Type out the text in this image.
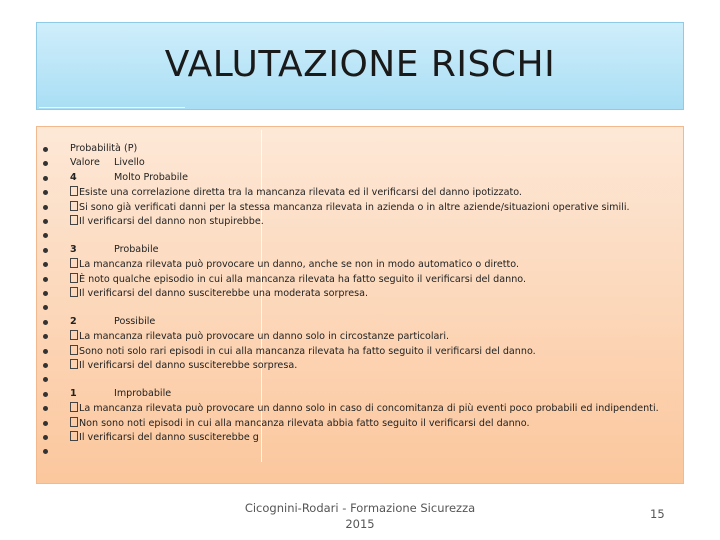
VALUTAZIONE RISCHI
Probabilità (P)
Valore Livello
4	Molto Probabile
Esiste una correlazione diretta tra la mancanza rilevata ed il verificarsi del danno ipotizzato.
Si sono già verificati danni per la stessa mancanza rilevata in azienda o in altre aziende/situazioni operative simili.
Il verificarsi del danno non stupirebbe.
3	Probabile
La mancanza rilevata può provocare un danno, anche se non in modo automatico o diretto.
È noto qualche episodio in cui alla mancanza rilevata ha fatto seguito il verificarsi del danno.
Il verificarsi del danno susciterebbe una moderata sorpresa.
2	Possibile
La mancanza rilevata può provocare un danno solo in circostanze particolari.
Sono noti solo rari episodi in cui alla mancanza rilevata ha fatto seguito il verificarsi del danno.
Il verificarsi del danno susciterebbe sorpresa.
1	Improbabile
La mancanza rilevata può provocare un danno solo in caso di concomitanza di più eventi poco probabili ed indipendenti.
Non sono noti episodi in cui alla mancanza rilevata abbia fatto seguito il verificarsi del danno.
Il verificarsi del danno susciterebbe g
Cicognini-Rodari - Formazione Sicurezza
2015
15
